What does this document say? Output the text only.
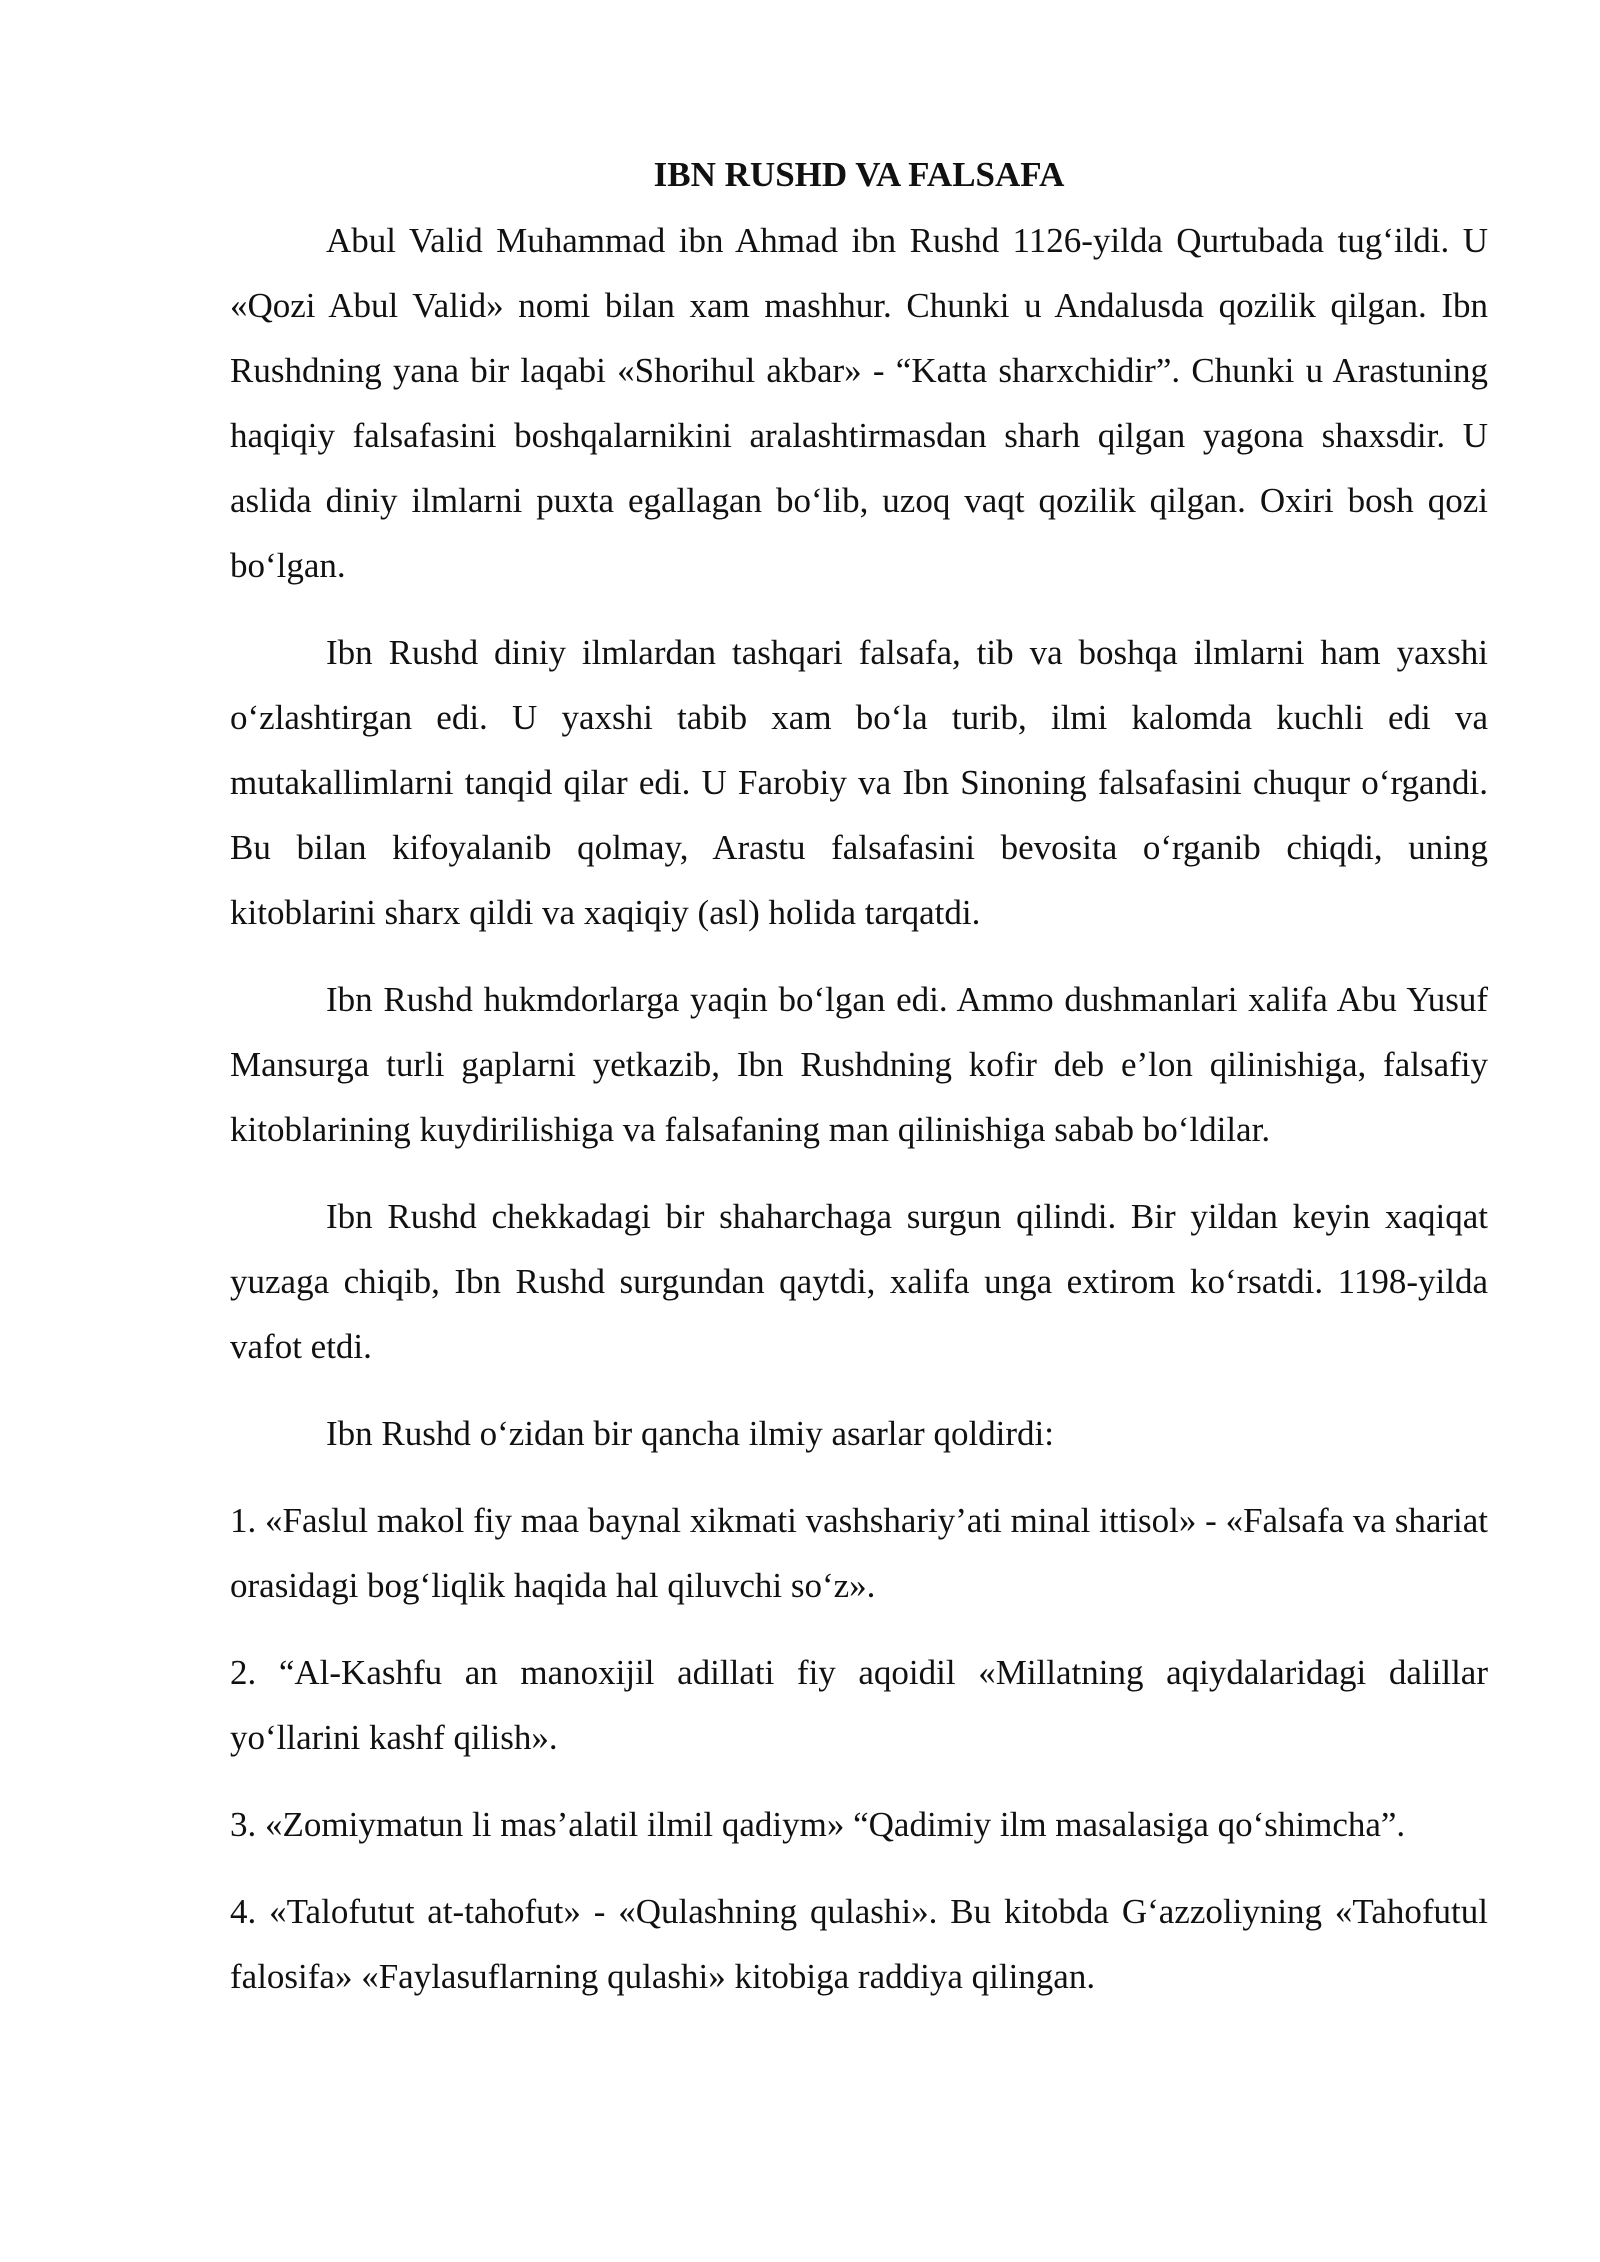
IBN RUSHD VA FALSAFA

Abul Valid Muhammad ibn Ahmad ibn Rushd 1126-yilda Qurtubada tug‘ildi. U «Qozi Abul Valid» nomi bilan xam mashhur. Chunki u Andalusda qozilik qilgan. Ibn Rushdning yana bir laqabi «Shorihul akbar» - “Katta sharxchidir”. Chunki u Arastuning haqiqiy falsafasini boshqalarnikini aralashtirmasdan sharh qilgan yagona shaxsdir. U aslida diniy ilmlarni puxta egallagan bo‘lib, uzoq vaqt qozilik qilgan. Oxiri bosh qozi bo‘lgan.

Ibn Rushd diniy ilmlardan tashqari falsafa, tib va boshqa ilmlarni ham yaxshi o‘zlashtirgan edi. U yaxshi tabib xam bo‘la turib, ilmi kalomda kuchli edi va mutakallimlarni tanqid qilar edi. U Farobiy va Ibn Sinoning falsafasini chuqur o‘rgandi. Bu bilan kifoyalanib qolmay, Arastu falsafasini bevosita o‘rganib chiqdi, uning kitoblarini sharx qildi va xaqiqiy (asl) holida tarqatdi.

Ibn Rushd hukmdorlarga yaqin bo‘lgan edi. Ammo dushmanlari xalifa Abu Yusuf Mansurga turli gaplarni yetkazib, Ibn Rushdning kofir deb e’lon qilinishiga, falsafiy kitoblarining kuydirilishiga va falsafaning man qilinishiga sabab bo‘ldilar.

Ibn Rushd chekkadagi bir shaharchaga surgun qilindi. Bir yildan keyin xaqiqat yuzaga chiqib, Ibn Rushd surgundan qaytdi, xalifa unga extirom ko‘rsatdi. 1198-yilda vafot etdi.

Ibn Rushd o‘zidan bir qancha ilmiy asarlar qoldirdi:

1. «Faslul makol fiy maa baynal xikmati vashshariy’ati minal ittisol» - «Falsafa va shariat orasidagi bog‘liqlik haqida hal qiluvchi so‘z».

2. “Al-Kashfu an manoxijil adillati fiy aqoidil «Millatning aqiydalaridagi dalillar yo‘llarini kashf qilish».

3. «Zomiymatun li mas’alatil ilmil qadiym» “Qadimiy ilm masalasiga qo‘shimcha”.

4. «Talofutut at-tahofut» - «Qulashning qulashi». Bu kitobda G‘azzoliyning «Tahofutul falosifa» «Faylasuflarning qulashi» kitobiga raddiya qilingan.
